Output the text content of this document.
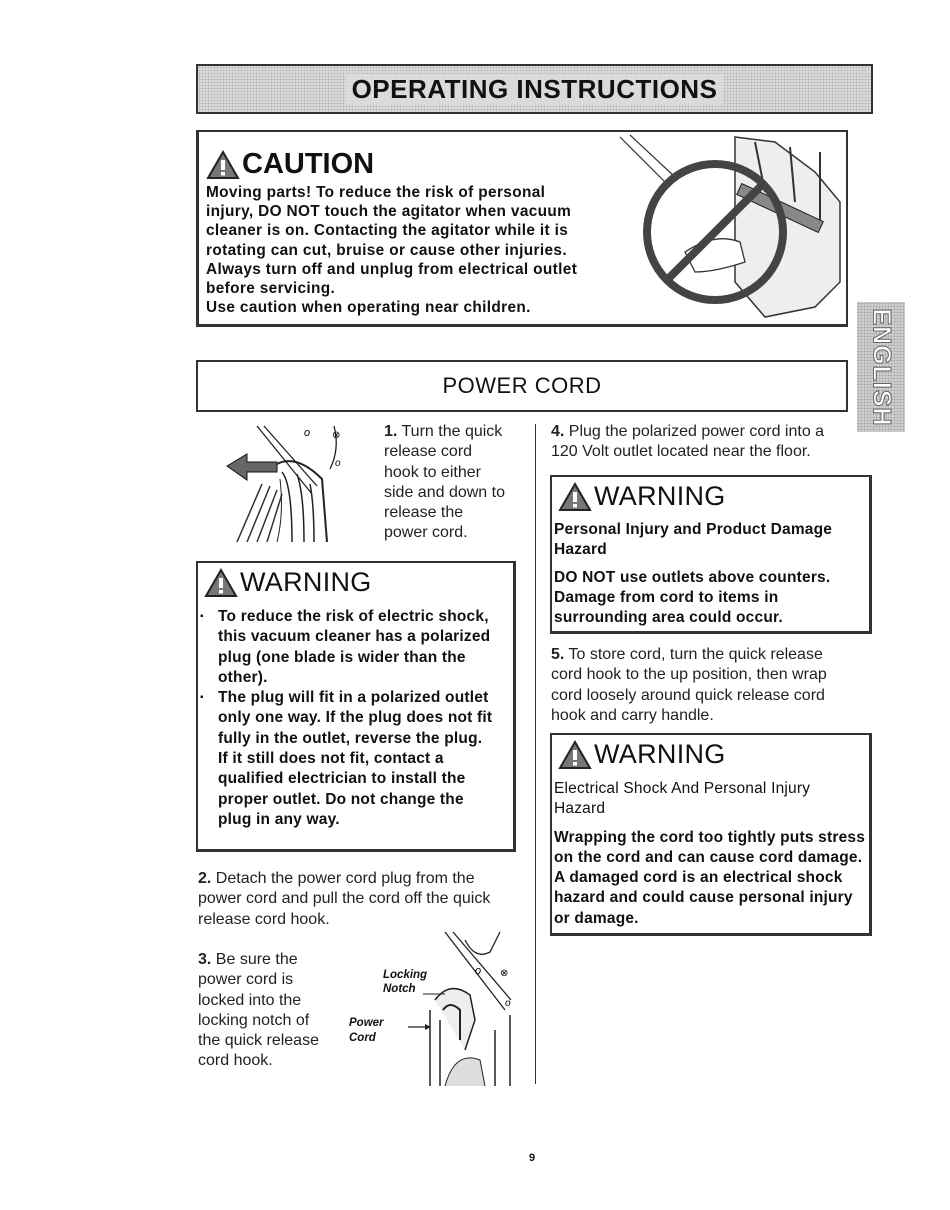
OPERATING INSTRUCTIONS
CAUTION
Moving parts! To reduce the risk of personal
injury, DO NOT touch the agitator when vacuum
cleaner is on. Contacting the agitator while it is
rotating can cut, bruise or cause other injuries.
Always turn off and unplug from electrical outlet
before servicing.
Use caution when operating near children.
ENGLISH
POWER CORD
o ⊗
o
1. Turn the quick
release cord
hook to either
side and down to
release the
power cord.
WARNING
▪ To reduce the risk of electric shock,
this vacuum cleaner has a polarized
plug (one blade is wider than the
other).
▪ The plug will fit in a polarized outlet
only one way. If the plug does not fit
fully in the outlet, reverse the plug.
If it still does not fit, contact a
qualified electrician to install the
proper outlet. Do not change the
plug in any way.
2. Detach the power cord plug from the
power cord and pull the cord off the quick
release cord hook.
3. Be sure the
power cord is
locked into the
locking notch of
the quick release
cord hook.
o ⊗
o
Locking
Notch
Power
Cord
4. Plug the polarized power cord into a
120 Volt outlet located near the floor.
WARNING
Personal Injury and Product Damage
Hazard
DO NOT use outlets above counters.
Damage from cord to items in
surrounding area could occur.
5. To store cord, turn the quick release
cord hook to the up position, then wrap
cord loosely around quick release cord
hook and carry handle.
WARNING
Electrical Shock And Personal Injury
Hazard
Wrapping the cord too tightly puts stress
on the cord and can cause cord damage.
A damaged cord is an electrical shock
hazard and could cause personal injury
or damage.
9
